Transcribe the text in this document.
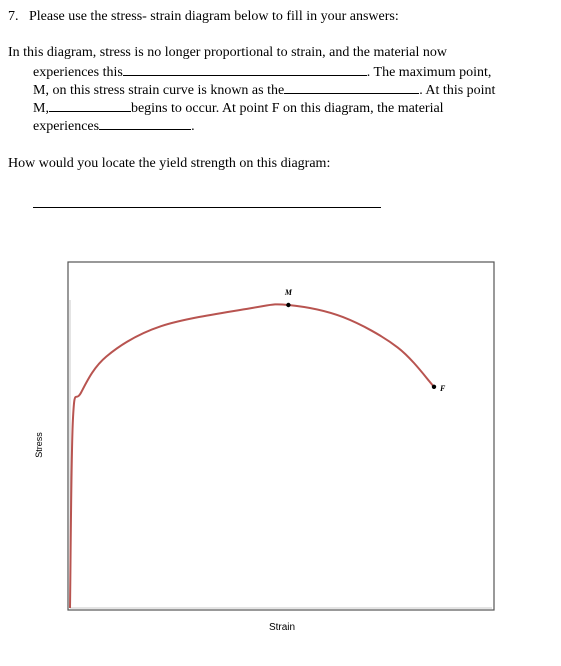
7. Please use the stress- strain diagram below to fill in your answers:
In this diagram, stress is no longer proportional to strain, and the material now
experiences this	. The maximum point,
M, on this stress strain curve is known as the	. At this point
M,	begins to occur. At point F on this diagram, the material
experiences	.
How would you locate the yield strength on this diagram:
M
F
Strain
Stress
